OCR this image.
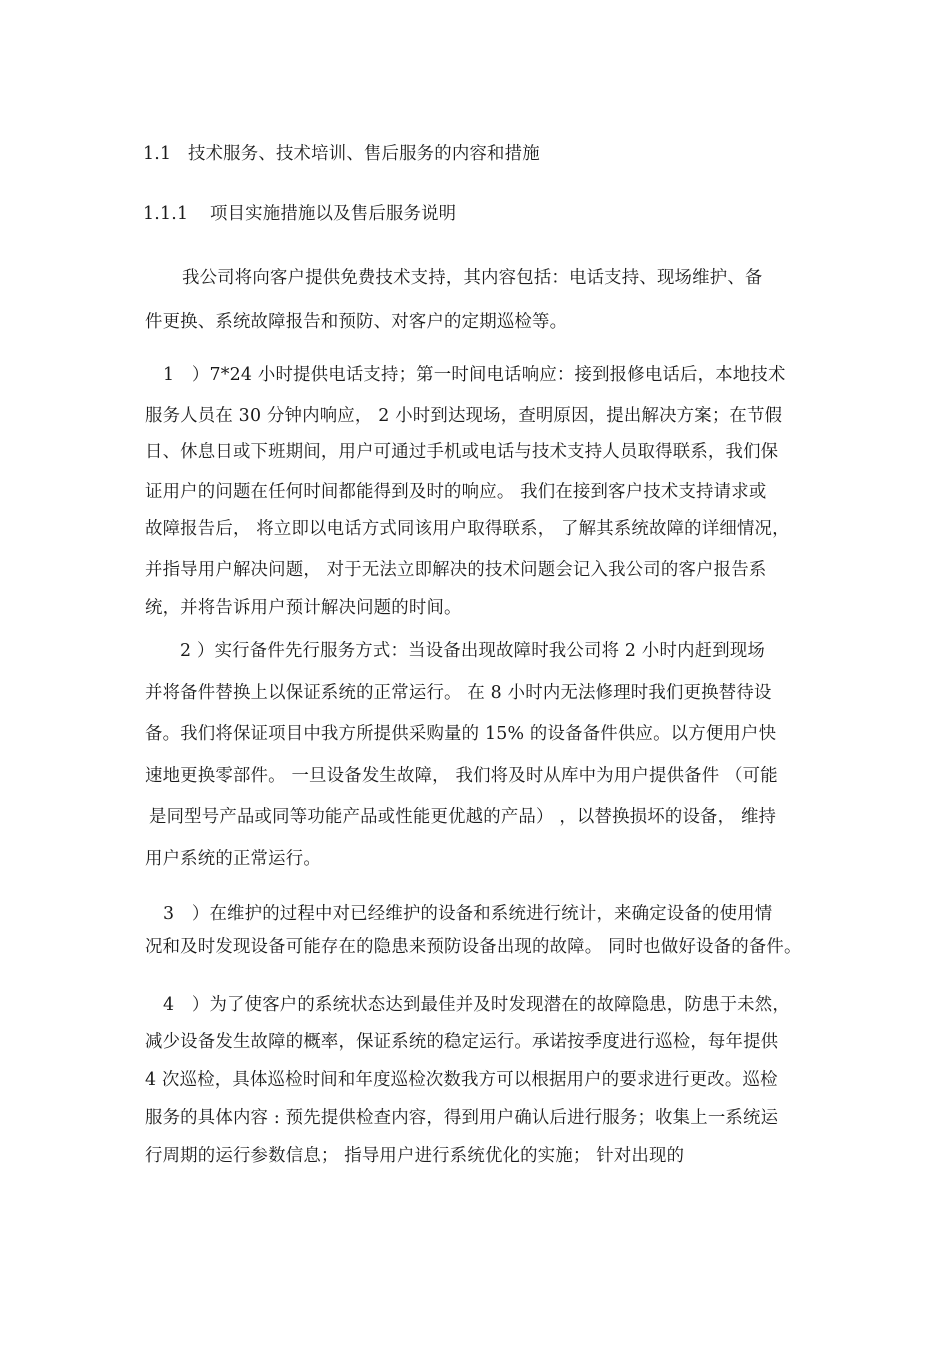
1.1 技术服务、技术培训、售后服务的内容和措施
1.1.1 项目实施措施以及售后服务说明
我公司将向客户提供免费技术支持，其内容包括：电话支持、现场维护、备
件更换、系统故障报告和预防、对客户的定期巡检等。
1　）7*24 小时提供电话支持；第一时间电话响应：接到报修电话后，本地技术
服务人员在 30 分钟内响应， 2 小时到达现场，查明原因，提出解决方案；在节假
日、休息日或下班期间，用户可通过手机或电话与技术支持人员取得联系，我们保
证用户的问题在任何时间都能得到及时的响应。 我们在接到客户技术支持请求或
故障报告后， 将立即以电话方式同该用户取得联系， 了解其系统故障的详细情况，
并指导用户解决问题， 对于无法立即解决的技术问题会记入我公司的客户报告系
统，并将告诉用户预计解决问题的时间。
2 ）实行备件先行服务方式：当设备出现故障时我公司将 2 小时内赶到现场
并将备件替换上以保证系统的正常运行。 在 8 小时内无法修理时我们更换替待设
备。我们将保证项目中我方所提供采购量的 15% 的设备备件供应。以方便用户快
速地更换零部件。 一旦设备发生故障， 我们将及时从库中为用户提供备件 （可能
是同型号产品或同等功能产品或性能更优越的产品） ，以替换损坏的设备， 维持
用户系统的正常运行。
3　）在维护的过程中对已经维护的设备和系统进行统计，来确定设备的使用情
况和及时发现设备可能存在的隐患来预防设备出现的故障。 同时也做好设备的备件。
4　）为了使客户的系统状态达到最佳并及时发现潜在的故障隐患，防患于未然，
减少设备发生故障的概率，保证系统的稳定运行。承诺按季度进行巡检，每年提供
4 次巡检，具体巡检时间和年度巡检次数我方可以根据用户的要求进行更改。巡检
服务的具体内容 : 预先提供检查内容，得到用户确认后进行服务；收集上一系统运
行周期的运行参数信息； 指导用户进行系统优化的实施； 针对出现的
